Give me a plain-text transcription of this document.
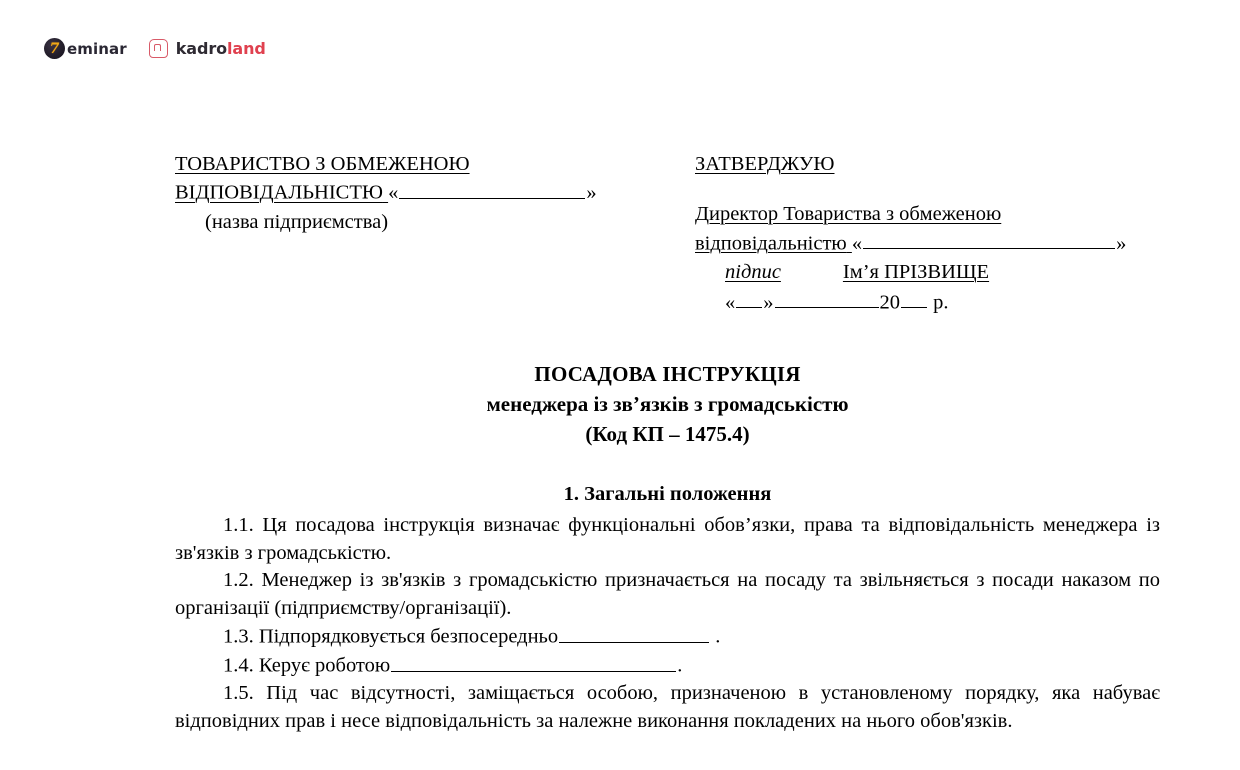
7 eminar	kadroland
ТОВАРИСТВО З ОБМЕЖЕНОЮ
ВІДПОВІДАЛЬНІСТЮ «	»
(назва підприємства)
ЗАТВЕРДЖУЮ
Директор Товариства з обмеженою
відповідальністю «	»
підпис	Ім’я ПРІЗВИЩЕ
« »	20 р.
ПОСАДОВА ІНСТРУКЦІЯ
менеджера із зв’язків з громадськістю
(Код КП – 1475.4)
1. Загальні положення

1.1. Ця посадова інструкція визначає функціональні обов’язки, права та відповідальність менеджера із зв'язків з громадськістю.

1.2. Менеджер із зв'язків з громадськістю призначається на посаду та звільняється з посади наказом по організації (підприємству/організації).

1.3. Підпорядковується безпосередньо	.

1.4. Керує роботою	.

1.5. Під час відсутності, заміщається особою, призначеною в установленому порядку, яка набуває відповідних прав і несе відповідальність за належне виконання покладених на нього обов'язків.
